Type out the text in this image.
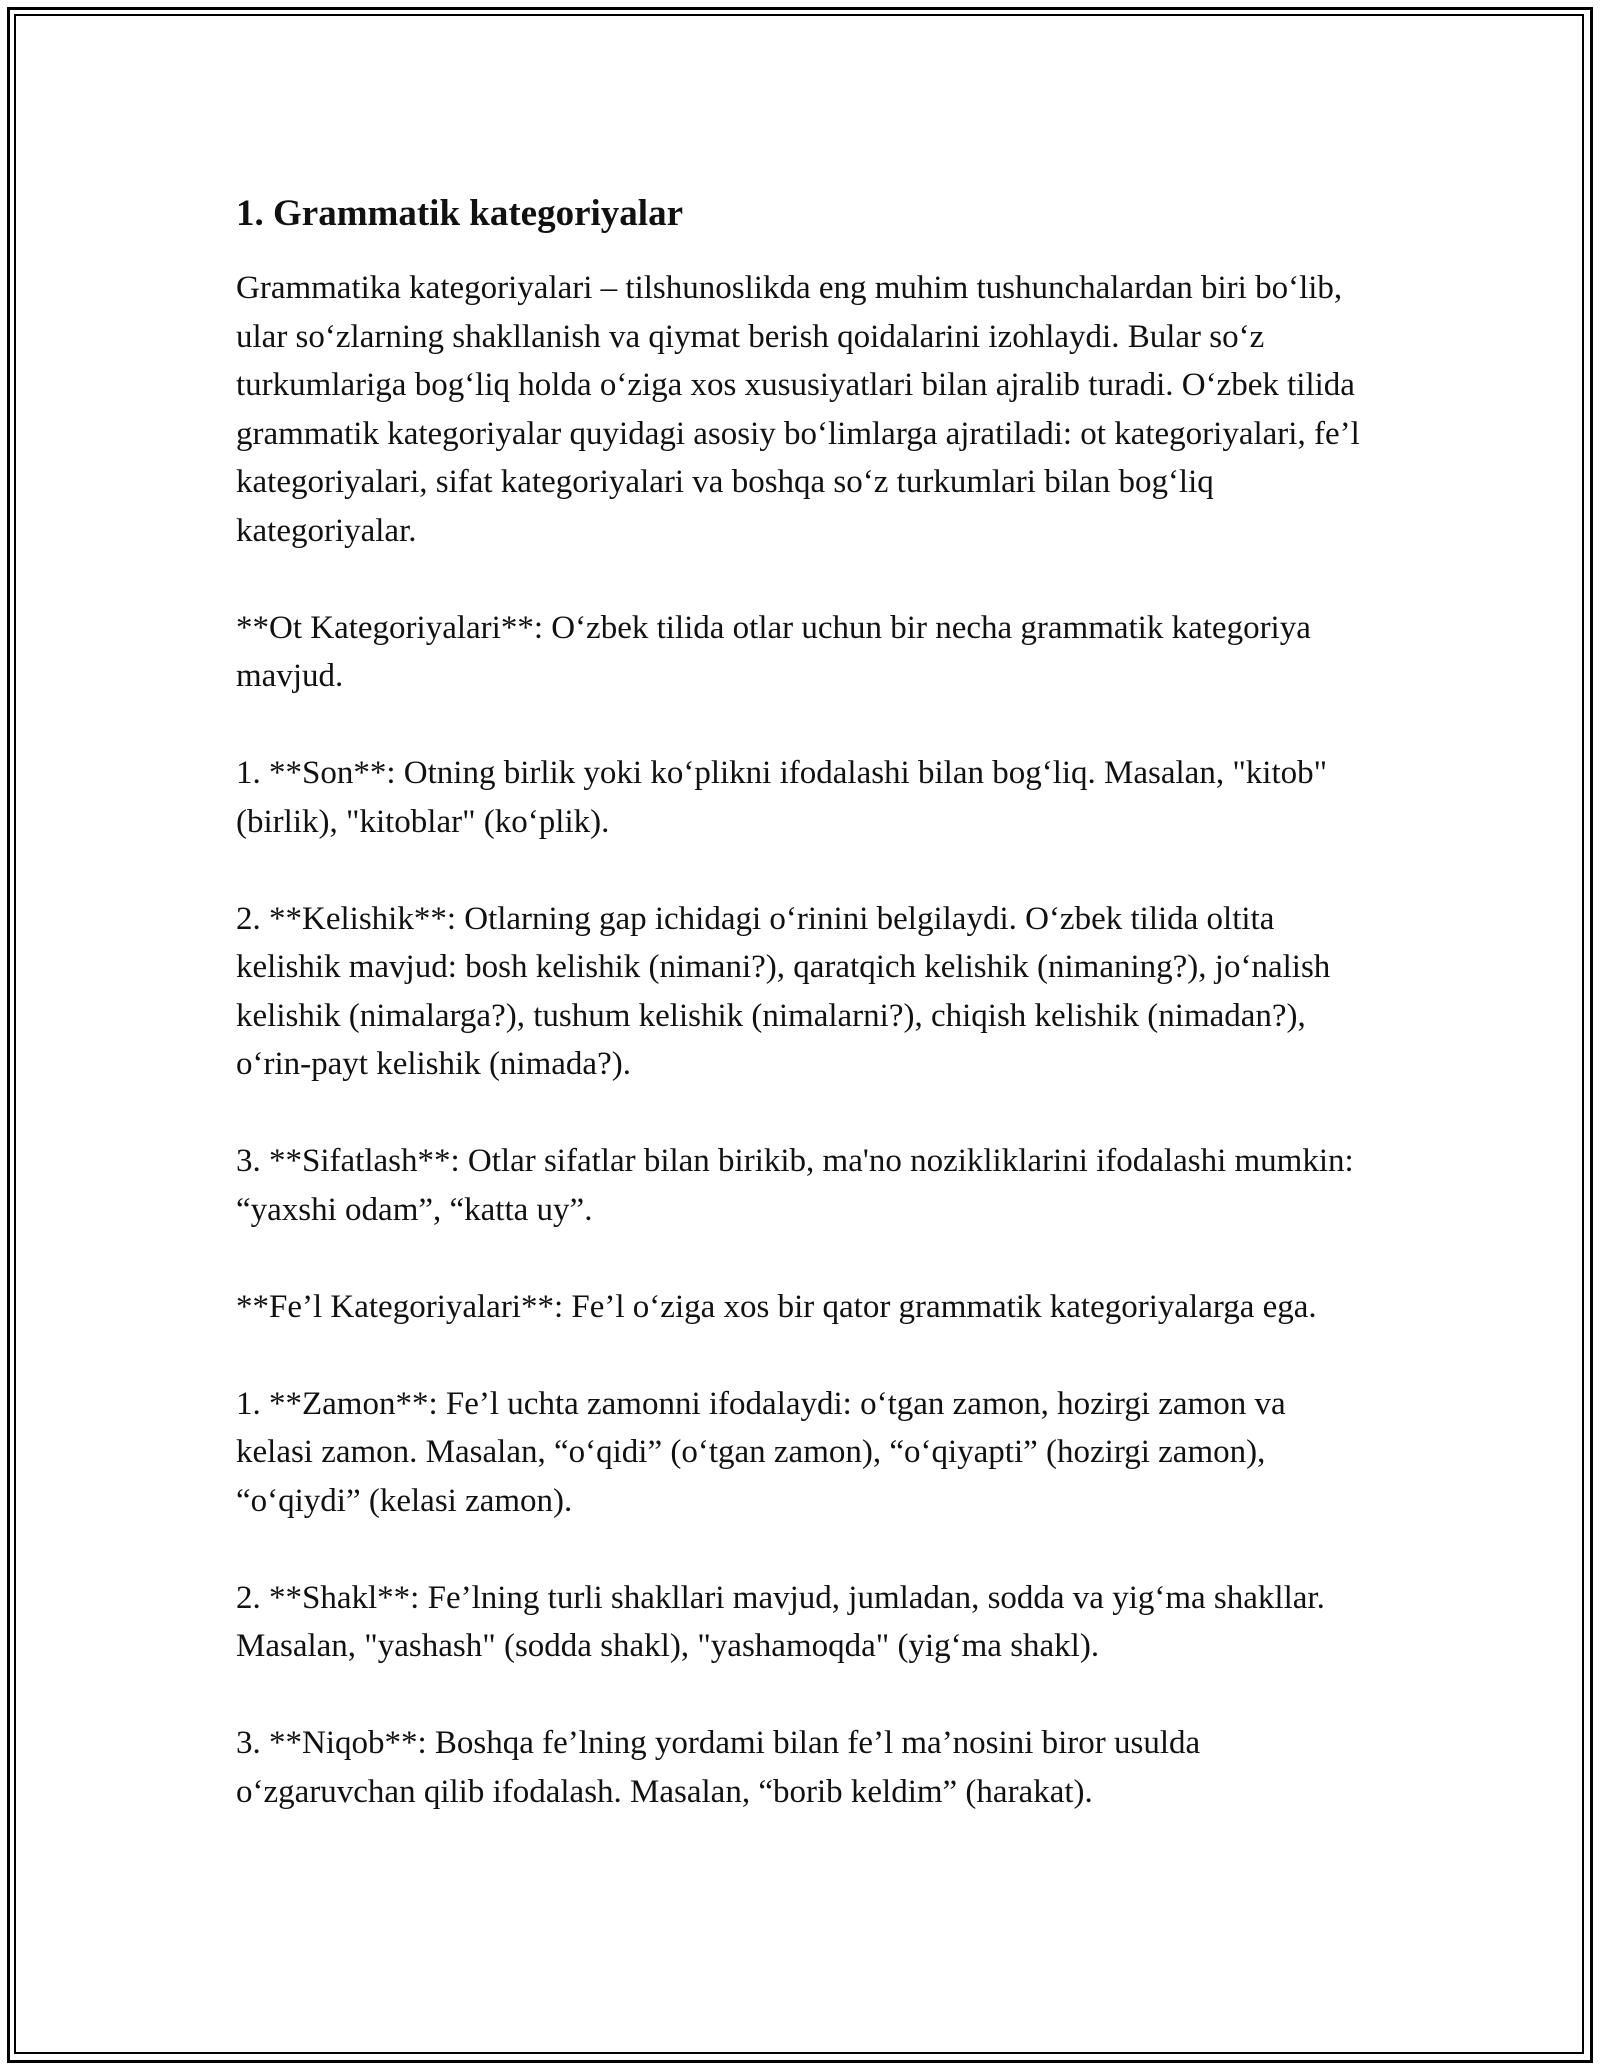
1. Grammatik kategoriyalar

Grammatika kategoriyalari – tilshunoslikda eng muhim tushunchalardan biri bo‘lib, ular so‘zlarning shakllanish va qiymat berish qoidalarini izohlaydi. Bular so‘z turkumlariga bog‘liq holda o‘ziga xos xususiyatlari bilan ajralib turadi. O‘zbek tilida grammatik kategoriyalar quyidagi asosiy bo‘limlarga ajratiladi: ot kategoriyalari, fe’l kategoriyalari, sifat kategoriyalari va boshqa so‘z turkumlari bilan bog‘liq kategoriyalar.

**Ot Kategoriyalari**: O‘zbek tilida otlar uchun bir necha grammatik kategoriya mavjud.

1. **Son**: Otning birlik yoki ko‘plikni ifodalashi bilan bog‘liq. Masalan, "kitob" (birlik), "kitoblar" (ko‘plik).

2. **Kelishik**: Otlarning gap ichidagi o‘rinini belgilaydi. O‘zbek tilida oltita kelishik mavjud: bosh kelishik (nimani?), qaratqich kelishik (nimaning?), jo‘nalish kelishik (nimalarga?), tushum kelishik (nimalarni?), chiqish kelishik (nimadan?), o‘rin-payt kelishik (nimada?).

3. **Sifatlash**: Otlar sifatlar bilan birikib, ma'no nozikliklarini ifodalashi mumkin: “yaxshi odam”, “katta uy”.

**Fe’l Kategoriyalari**: Fe’l o‘ziga xos bir qator grammatik kategoriyalarga ega.

1. **Zamon**: Fe’l uchta zamonni ifodalaydi: o‘tgan zamon, hozirgi zamon va kelasi zamon. Masalan, “o‘qidi” (o‘tgan zamon), “o‘qiyapti” (hozirgi zamon), “o‘qiydi” (kelasi zamon).

2. **Shakl**: Fe’lning turli shakllari mavjud, jumladan, sodda va yig‘ma shakllar. Masalan, "yashash" (sodda shakl), "yashamoqda" (yig‘ma shakl).

3. **Niqob**: Boshqa fe’lning yordami bilan fe’l ma’nosini biror usulda o‘zgaruvchan qilib ifodalash. Masalan, “borib keldim” (harakat).
